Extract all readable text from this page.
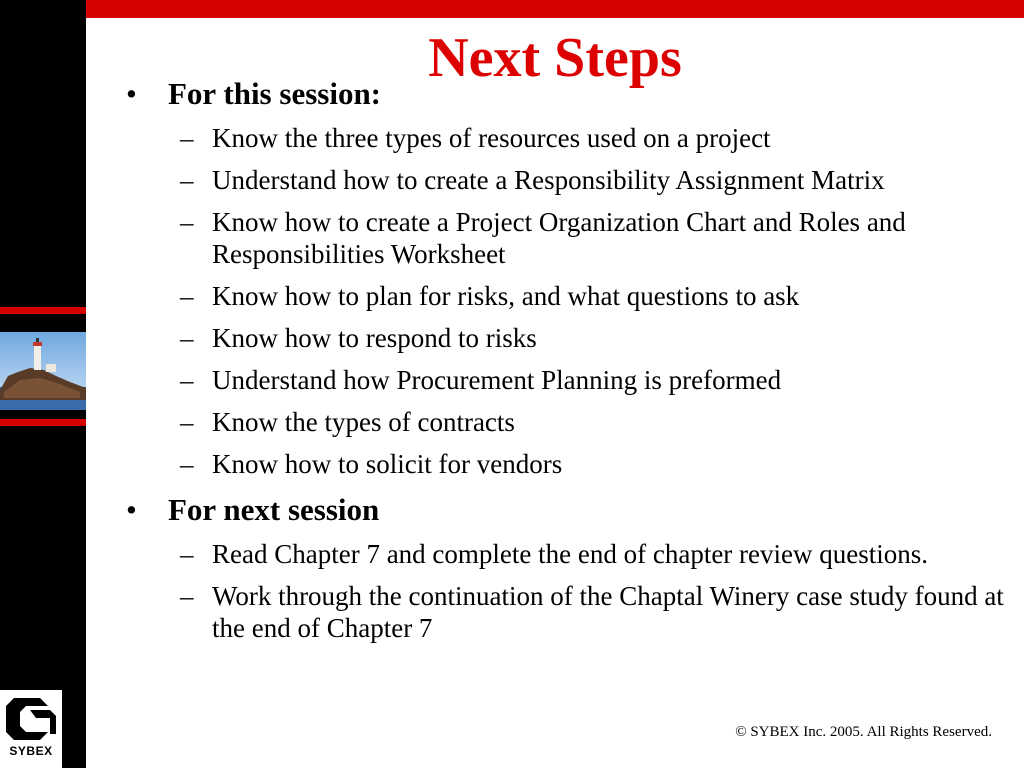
SYBEX
Next Steps
• For this session:
– Know the three types of resources used on a project
– Understand how to create a Responsibility Assignment Matrix
– Know how to create a Project Organization Chart and Roles and Responsibilities Worksheet
– Know how to plan for risks, and what questions to ask
– Know how to respond to risks
– Understand how Procurement Planning is preformed
– Know the types of contracts
– Know how to solicit for vendors
• For next session
– Read Chapter 7 and complete the end of chapter review questions.
– Work through the continuation of the Chaptal Winery case study found at the end of Chapter 7
© SYBEX Inc. 2005. All Rights Reserved.
